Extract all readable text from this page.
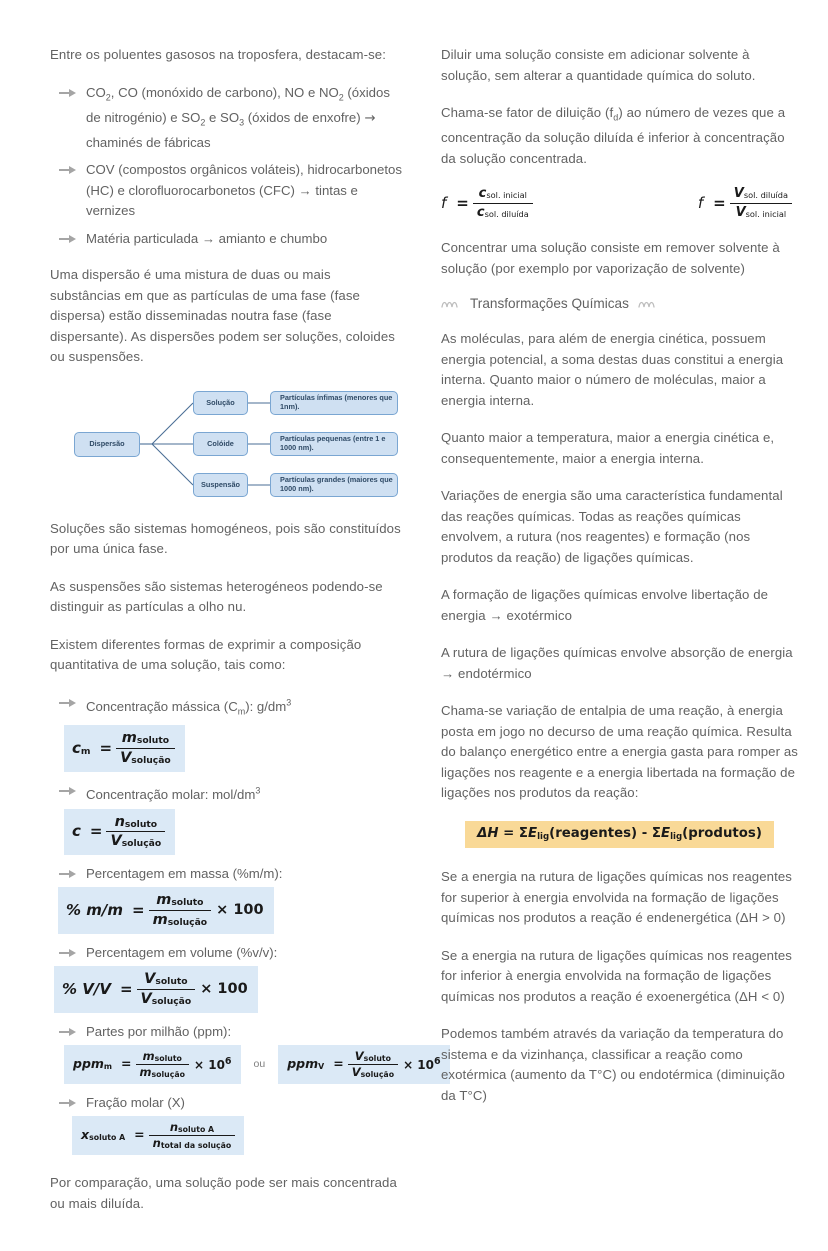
Entre os poluentes gasosos na troposfera, destacam-se:

$CO_2$, CO (monóxido de carbono), NO e $NO_2$ (óxidos de nitrogénio) e $SO_2$ e $SO_3$ (óxidos de enxofre) → chaminés de fábricas
COV (compostos orgânicos voláteis), hidrocarbonetos (HC) e clorofluorocarbonetos (CFC) → tintas e vernizes
Matéria particulada → amianto e chumbo

Uma dispersão é uma mistura de duas ou mais substâncias em que as partículas de uma fase (fase dispersa) estão disseminadas noutra fase (fase dispersante). As dispersões podem ser soluções, coloides ou suspensões.

Dispersão
Solução
Colóide
Suspensão
Partículas ínfimas (menores que 1nm).
Partículas pequenas (entre 1 e 1000 nm).
Partículas grandes (maiores que 1000 nm).

Soluções são sistemas homogéneos, pois são constituídos por uma única fase.

As suspensões são sistemas heterogéneos podendo-se distinguir as partículas a olho nu.

Existem diferentes formas de exprimir a composição quantitativa de uma solução, tais como:

Concentração mássica $(C_m)$: $g/dm^3$
$c_m = \frac{m_{soluto}}{V_{solução}}$
Concentração molar: mol/$dm^3$
$c = \frac{n_{soluto}}{V_{solução}}$
Percentagem em massa (%m/m):
% $m/m = \frac{m_{soluto}}{m_{solução}} \times 100$
Percentagem em volume (%v/v):
% $V/V = \frac{V_{soluto}}{V_{solução}} \times 100$
Partes por milhão (ppm):
$ppm_m = \frac{m_{soluto}}{m_{solução}} \times 10^6$	ou	$ppm_V = \frac{V_{soluto}}{V_{solução}} \times 10^6$
Fração molar (X)
$x_{soluto A} = \frac{n_{soluto A}}{n_{total da solução}}$

Por comparação, uma solução pode ser mais concentrada ou mais diluída.

Diluir uma solução consiste em adicionar solvente à solução, sem alterar a quantidade química do soluto.

Chama-se fator de diluição $(f_d)$ ao número de vezes que a concentração da solução diluída é inferior à concentração da solução concentrada.

$f = \frac{c_{sol. inicial}}{c_{sol. diluída}}$	$f = \frac{V_{sol. diluída}}{V_{sol. inicial}}$

Concentrar uma solução consiste em remover solvente à solução (por exemplo por vaporização de solvente)

Transformações Químicas

As moléculas, para além de energia cinética, possuem energia potencial, a soma destas duas constitui a energia interna. Quanto maior o número de moléculas, maior a energia interna.

Quanto maior a temperatura, maior a energia cinética e, consequentemente, maior a energia interna.

Variações de energia são uma característica fundamental das reações químicas. Todas as reações químicas envolvem, a rutura (nos reagentes) e formação (nos produtos da reação) de ligações químicas.

A formação de ligações químicas envolve libertação de energia → exotérmico

A rutura de ligações químicas envolve absorção de energia → endotérmico

Chama-se variação de entalpia de uma reação, à energia posta em jogo no decurso de uma reação química. Resulta do balanço energético entre a energia gasta para romper as ligações nos reagente e a energia libertada na formação de ligações nos produtos da reação:

$\Delta H = \Sigma E_{lig}(reagentes)$ - $\Sigma E_{lig}(produtos)$

Se a energia na rutura de ligações químicas nos reagentes for superior à energia envolvida na formação de ligações químicas nos produtos a reação é endenergética (ΔH > 0)

Se a energia na rutura de ligações químicas nos reagentes for inferior à energia envolvida na formação de ligações químicas nos produtos a reação é exoenergética (ΔH < 0)

Podemos também através da variação da temperatura do sistema e da vizinhança, classificar a reação como exotérmica (aumento da T°C) ou endotérmica (diminuição da T°C)
